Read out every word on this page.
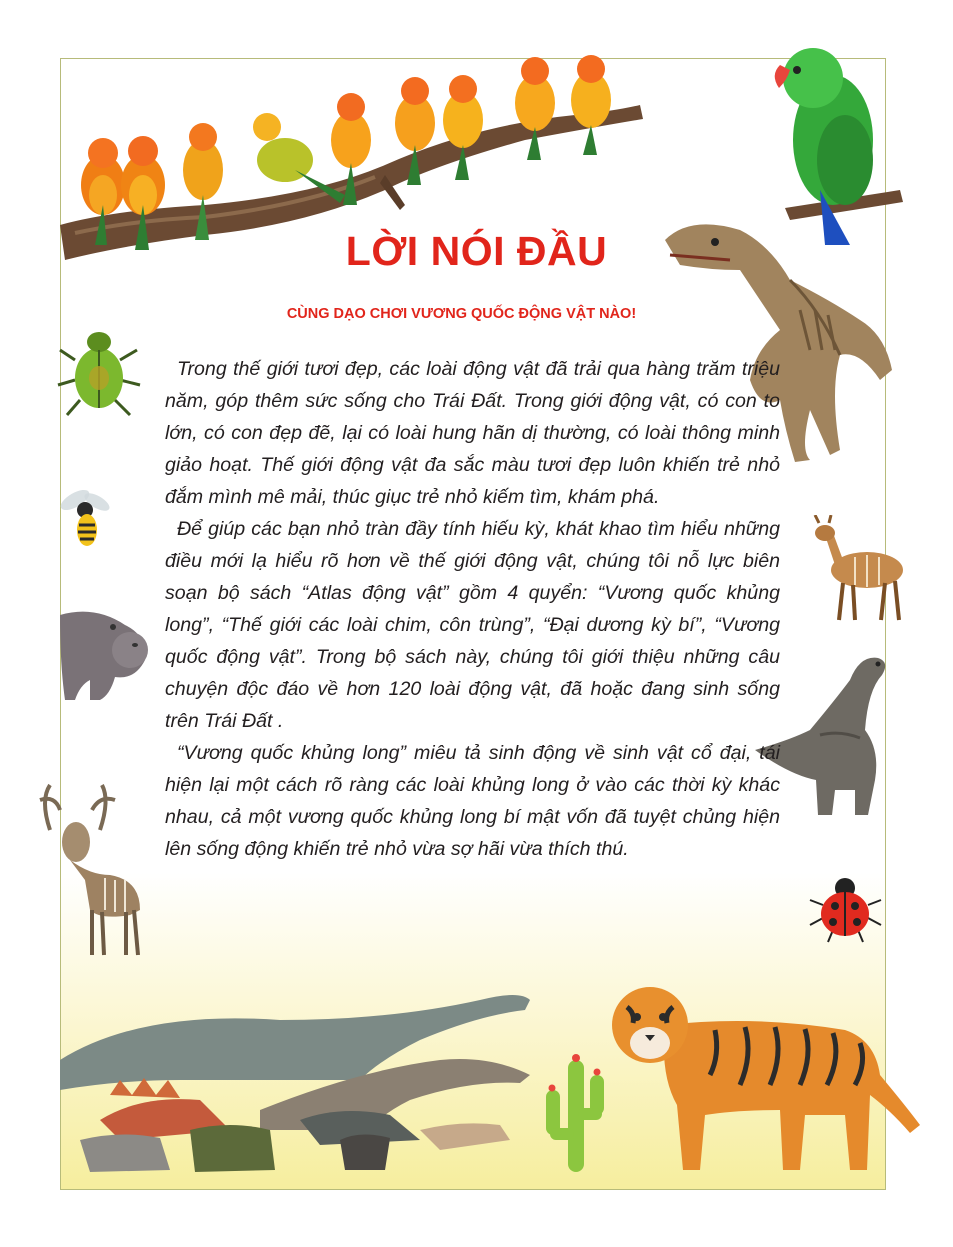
LỜI NÓI ĐẦU
CÙNG DẠO CHƠI VƯƠNG QUỐC ĐỘNG VẬT NÀO!

Trong thế giới tươi đẹp, các loài động vật đã trải qua hàng trăm triệu năm, góp thêm sức sống cho Trái Đất. Trong giới động vật, có con to lớn, có con đẹp đẽ, lại có loài hung hãn dị thường, có loài thông minh giảo hoạt. Thế giới động vật đa sắc màu tươi đẹp luôn khiến trẻ nhỏ đắm mình mê mải, thúc giục trẻ nhỏ kiếm tìm, khám phá.

Để giúp các bạn nhỏ tràn đầy tính hiếu kỳ, khát khao tìm hiểu những điều mới lạ hiểu rõ hơn về thế giới động vật, chúng tôi nỗ lực biên soạn bộ sách “Atlas động vật” gồm 4 quyển: “Vương quốc khủng long”, “Thế giới các loài chim, côn trùng”, “Đại dương kỳ bí”, “Vương quốc động vật”. Trong bộ sách này, chúng tôi giới thiệu những câu chuyện độc đáo về hơn 120 loài động vật, đã hoặc đang sinh sống trên Trái Đất .

“Vương quốc khủng long” miêu tả sinh động về sinh vật cổ đại, tái hiện lại một cách rõ ràng các loài khủng long ở vào các thời kỳ khác nhau, cả một vương quốc khủng long bí mật vốn đã tuyệt chủng hiện lên sống động khiến trẻ nhỏ vừa sợ hãi vừa thích thú.
